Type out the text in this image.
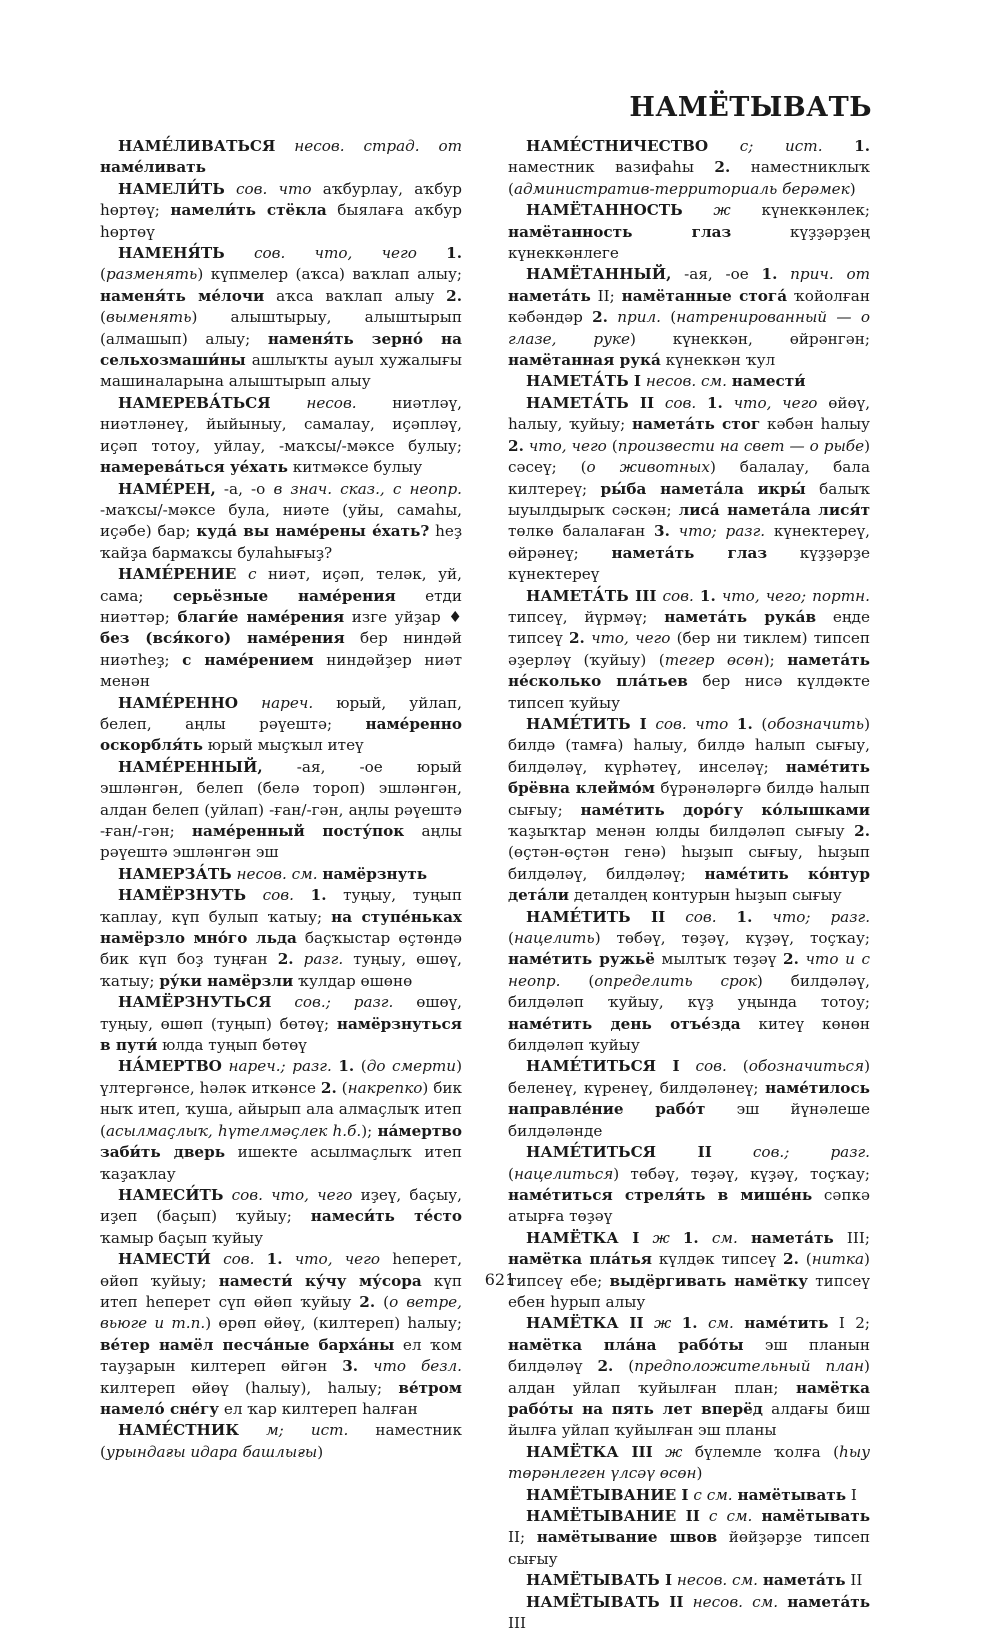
НАМЁТЫВАТЬ

НАМЕ́ЛИВАТЬСЯ несов. страд. от наме́ливать

НАМЕЛИ́ТЬ сов. что аҡбурлау, аҡбур һөртөү; намели́ть стёкла быялаға аҡбур һөртөү

НАМЕНЯ́ТЬ сов. что, чего 1. (разменять) күпмелер (аҡса) ваҡлап алыу; наменя́ть ме́лочи аҡса ваҡлап алыу 2. (выменять) алыштырыу, алыштырып (алмашып) алыу; наменя́ть зерно́ на сельхозмаши́ны ашлыҡты ауыл хужалығы машиналарына алыштырып алыу

НАМЕРЕВА́ТЬСЯ несов. ниәтләү, ниәтләнеү, йыйыныу, самалау, иҫәпләү, иҫәп тотоу, уйлау, -маҡсы/-мәксе булыу; намерева́ться уе́хать китмәксе булыу

НАМЕ́РЕН, -а, -о в знач. сказ., с неопр. -маҡсы/-мәксе була, ниәте (уйы, самаһы, иҫәбе) бар; куда́ вы наме́рены е́хать? һеҙ ҡайҙа бармаҡсы булаһығыҙ?

НАМЕ́РЕНИЕ с ниәт, иҫәп, теләк, уй, сама; серьёзные наме́рения етди ниәттәр; благи́е наме́рения изге уйҙар ♦ без (вся́кого) наме́рения бер ниндәй ниәтһеҙ; с наме́рением ниндәйҙер ниәт менән

НАМЕ́РЕННО нареч. юрый, уйлап, белеп, аңлы рәүештә; наме́ренно оскорбля́ть юрый мыҫҡыл итеү

НАМЕ́РЕННЫЙ, -ая, -ое юрый эшләнгән, белеп (белә тороп) эшләнгән, алдан белеп (уйлап) -ған/-гән, аңлы рәүештә -ған/-гән; наме́ренный посту́пок аңлы рәүештә эшләнгән эш

НАМЕРЗА́ТЬ несов. см. намёрзнуть

НАМЁРЗНУТЬ сов. 1. туңыу, туңып ҡаплау, күп булып ҡатыу; на ступе́ньках намёрзло мно́го льда баҫҡыстар өҫтөндә бик күп боҙ туңған 2. разг. туңыу, өшөү, ҡатыу; ру́ки намёрзли ҡулдар өшөнө

НАМЁРЗНУТЬСЯ сов.; разг. өшөү, туңыу, өшөп (туңып) бөтөү; намёрзнуться в пути́ юлда туңып бөтөү

НА́МЕРТВО нареч.; разг. 1. (до смерти) үлтергәнсе, һәләк иткәнсе 2. (накрепко) бик ныҡ итеп, ҡуша, айырып ала алмаҫлыҡ итеп (асылмаҫлыҡ, һүтелмәҫлек һ.б.); на́мертво заби́ть дверь ишекте асылмаҫлыҡ итеп ҡаҙаҡлау

НАМЕСИ́ТЬ сов. что, чего иҙеү, баҫыу, иҙеп (баҫып) ҡуйыу; намеси́ть те́сто ҡамыр баҫып ҡуйыу

НАМЕСТИ́ сов. 1. что, чего һеперет, өйөп ҡуйыу; намести́ ку́чу му́сора күп итеп һеперет сүп өйөп ҡуйыу 2. (о ветре, вьюге и т.п.) өрөп өйөү, (килтереп) һалыу; ве́тер намёл песча́ные барха́ны ел ҡом тауҙарын килтереп өйгән 3. что безл. килтереп өйөү (һалыу), һалыу; ве́тром намело́ сне́гу ел ҡар килтереп һалған

НАМЕ́СТНИК м; ист. наместник (урындағы идара башлығы)

НАМЕ́СТНИЧЕСТВО с; ист. 1. наместник вазифаһы 2. наместниклыҡ (административ-территориаль берәмек)

НАМЁТАННОСТЬ ж күнеккәнлек; намётанность глаз күҙҙәрҙең күнеккәнлеге

НАМЁТАННЫЙ, -ая, -ое 1. прич. от намета́ть II; намётанные стога́ ҡойолған кәбәндәр 2. прил. (натренированный — о глазе, руке) күнеккән, өйрәнгән; намётанная рука́ күнеккән ҡул

НАМЕТА́ТЬ I несов. см. намести́

НАМЕТА́ТЬ II сов. 1. что, чего өйөү, һалыу, ҡуйыу; намета́ть стог кәбән һалыу 2. что, чего (произвести на свет — о рыбе) сәсеү; (о животных) балалау, бала килтереү; ры́ба намета́ла икры́ балыҡ ыуылдырыҡ сәскән; лиса́ намета́ла лися́т төлкө балалаған 3. что; разг. күнектереү, өйрәнеү; намета́ть глаз күҙҙәрҙе күнектереү

НАМЕТА́ТЬ III сов. 1. что, чего; портн. типсеү, йүрмәү; намета́ть рука́в еңде типсеү 2. что, чего (бер ни тиклем) типсеп әҙерләү (ҡуйыу) (тегер өсөн); намета́ть не́сколько пла́тьев бер нисә күлдәкте типсеп ҡуйыу

НАМЕ́ТИТЬ I сов. что 1. (обозначить) билдә (тамға) һалыу, билдә һалып сығыу, билдәләү, күрһәтеү, инселәү; наме́тить брёвна клеймо́м бүрәнәләргә билдә һалып сығыу; наме́тить доро́гу ко́лышками ҡаҙыҡтар менән юлды билдәләп сығыу 2. (өҫтән-өҫтән генә) һыҙып сығыу, һыҙып билдәләү, билдәләү; наме́тить ко́нтур дета́ли деталдең контурын һыҙып сығыу

НАМЕ́ТИТЬ II сов. 1. что; разг. (нацелить) төбәү, төҙәү, күҙәү, тоҫҡау; наме́тить ружьё мылтыҡ төҙәү 2. что и с неопр. (определить срок) билдәләү, билдәләп ҡуйыу, күҙ уңында тотоу; наме́тить день отъе́зда китеү көнөн билдәләп ҡуйыу

НАМЕ́ТИТЬСЯ I сов. (обозначиться) беленеү, күренеү, билдәләнеү; наме́тилось направле́ние рабо́т эш йүнәлеше билдәләнде

НАМЕ́ТИТЬСЯ II	сов.; разг. (нацелиться) төбәү, төҙәү, күҙәү, тоҫҡау; наме́титься стреля́ть в мише́нь сәпкә атырға төҙәү

НАМЁТКА I ж 1. см. намета́ть III; намётка пла́тья күлдәк типсеү 2. (нитка) типсеү ебе; выдёргивать намётку типсеү ебен һурып алыу

НАМЁТКА II ж 1. см. наме́тить I 2; намётка пла́на рабо́ты эш планын билдәләү 2. (предположительный план) алдан уйлап ҡуйылған план; намётка рабо́ты на пять лет вперёд алдағы биш йылға уйлап ҡуйылған эш планы

НАМЁТКА III ж бүлемле ҡолға (һыу төрәнлеген үлсәү өсөн)

НАМЁТЫВАНИЕ I с см. намётывать I

НАМЁТЫВАНИЕ II с см. намётывать II; намётывание швов йөйҙәрҙе типсеп сығыу

НАМЁТЫВАТЬ I несов. см. намета́ть II

НАМЁТЫВАТЬ II несов. см. намета́ть III

621
